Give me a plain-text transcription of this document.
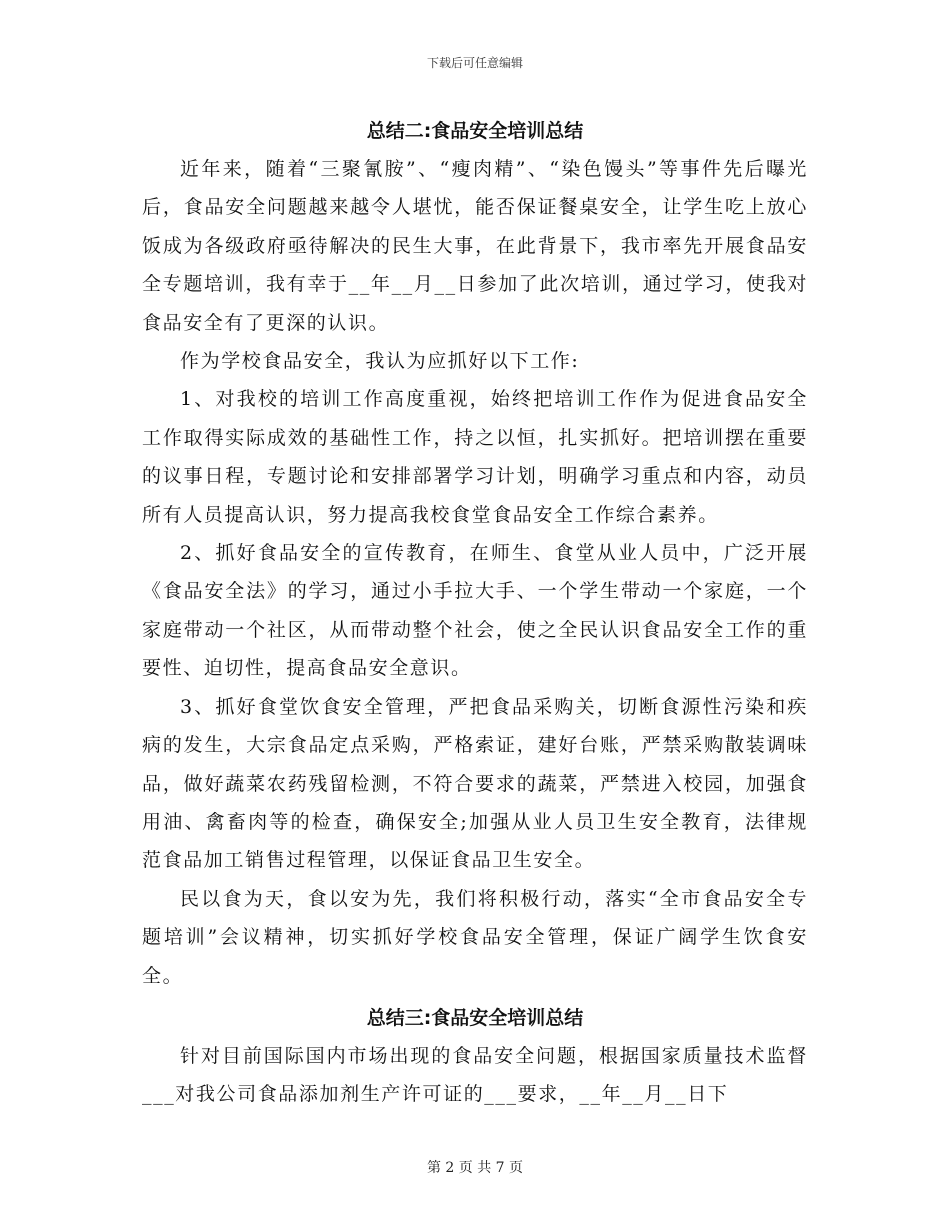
下载后可任意编辑
总结二:食品安全培训总结

近年来，随着“三聚氰胺”、“瘦肉精”、“染色馒头”等事件先后曝光后，食品安全问题越来越令人堪忧，能否保证餐桌安全，让学生吃上放心饭成为各级政府亟待解决的民生大事，在此背景下，我市率先开展食品安全专题培训，我有幸于__年__月__日参加了此次培训，通过学习，使我对食品安全有了更深的认识。

作为学校食品安全，我认为应抓好以下工作:

1、对我校的培训工作高度重视，始终把培训工作作为促进食品安全工作取得实际成效的基础性工作，持之以恒，扎实抓好。把培训摆在重要的议事日程，专题讨论和安排部署学习计划，明确学习重点和内容，动员所有人员提高认识，努力提高我校食堂食品安全工作综合素养。

2、抓好食品安全的宣传教育，在师生、食堂从业人员中，广泛开展《食品安全法》的学习，通过小手拉大手、一个学生带动一个家庭，一个家庭带动一个社区，从而带动整个社会，使之全民认识食品安全工作的重要性、迫切性，提高食品安全意识。

3、抓好食堂饮食安全管理，严把食品采购关，切断食源性污染和疾病的发生，大宗食品定点采购，严格索证，建好台账，严禁采购散装调味品，做好蔬菜农药残留检测，不符合要求的蔬菜，严禁进入校园，加强食用油、禽畜肉等的检查，确保安全;加强从业人员卫生安全教育，法律规范食品加工销售过程管理，以保证食品卫生安全。

民以食为天，食以安为先，我们将积极行动，落实“全市食品安全专题培训”会议精神，切实抓好学校食品安全管理，保证广阔学生饮食安全。

总结三:食品安全培训总结

针对目前国际国内市场出现的食品安全问题，根据国家质量技术监督___对我公司食品添加剂生产许可证的___要求，__年__月__日下

第 2 页 共 7 页
